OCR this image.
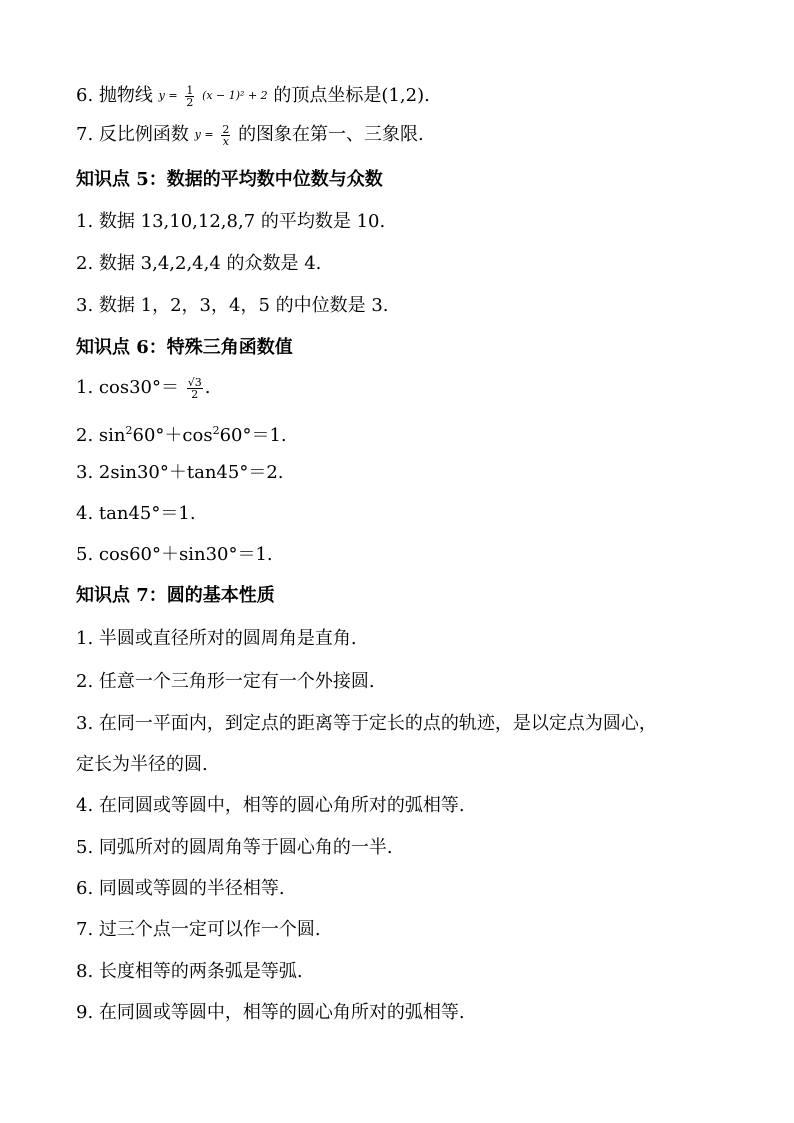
6. 抛物线 $y = \frac{1}{2} (x - 1)^2 + 2$ 的顶点坐标是(1,2).
7. 反比例函数 $y = \frac{2}{x}$ 的图象在第一、三象限.
知识点 5：数据的平均数中位数与众数
1. 数据 13,10,12,8,7 的平均数是 10.
2. 数据 3,4,2,4,4 的众数是 4.
3. 数据 1，2，3，4，5 的中位数是 3.
知识点 6：特殊三角函数值
1. $\cos 30^\circ= \frac{√3}{2}$ .
2. $\sin^260^\circ+\cos^260^\circ=1$.
3. 2sin30°＋tan45°＝2.
4. tan45°＝1.
5. cos60°＋sin30°＝1.
知识点 7：圆的基本性质
1. 半圆或直径所对的圆周角是直角.
2. 任意一个三角形一定有一个外接圆.
3. 在同一平面内，到定点的距离等于定长的点的轨迹，是以定点为圆心，
定长为半径的圆.
4. 在同圆或等圆中，相等的圆心角所对的弧相等.
5. 同弧所对的圆周角等于圆心角的一半.
6. 同圆或等圆的半径相等.
7. 过三个点一定可以作一个圆.
8. 长度相等的两条弧是等弧.
9. 在同圆或等圆中，相等的圆心角所对的弧相等.
